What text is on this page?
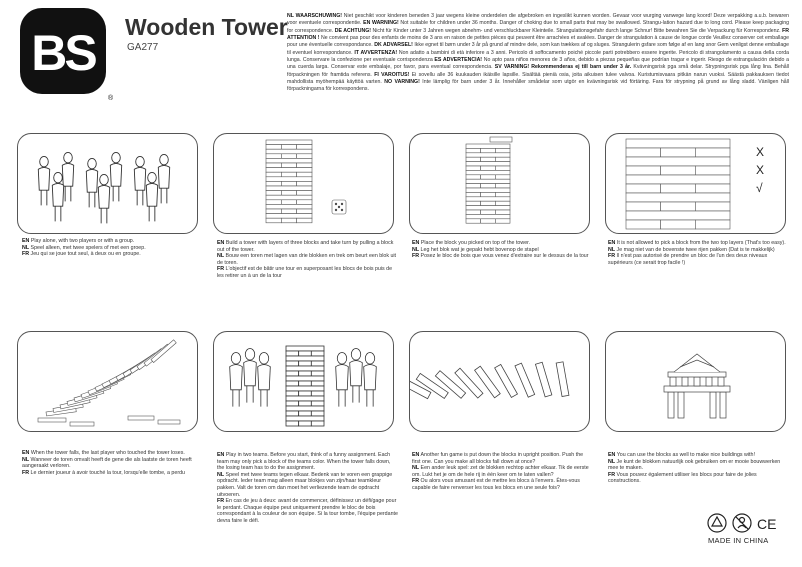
BS
®
Wooden Tower
GA277
NL WAARSCHUWING! Niet geschikt voor kinderen beneden 3 jaar wegens kleine onderdelen die afgebroken en ingeslikt kunnen worden. Gevaar voor wurging vanwege lang koord! Deze verpakking a.u.b. bewaren voor eventuele correspondentie. EN WARNING! Not suitable for children under 36 months. Danger of choking due to small parts that may be swallowed. Strangu-lation hazard due to long cord. Please keep packaging for correspondence. DE ACHTUNG! Nicht für Kinder unter 3 Jahren wegen abnehm- und verschluckbarer Kleinteile. Strangulationsgefahr durch lange Schnur! Bitte bewahren Sie die Verpackung für Korrespondenz. FR ATTENTION ! Ne convient pas pour des enfants de moins de 3 ans en raison de petites pièces qui peuvent être arrachées et avalées. Danger de strangulation à cause de longue corde Veuillez conserver cet emballage pour une éventuelle correspondance. DK ADVARSEL! Ikke egnet til børn under 3 år på grund af mindre dele, som kan trækkes af og sluges. Strangulerin gsfare som følge af en lang snor Gem venligst denne emballage til eventuel korrespondance. IT AVVERTENZA! Non adatto a bambini di età inferiore a 3 anni. Pericolo di soffocamento poiché piccole parti potrebbero essere ingerite. Pericolo di strangolamento a causa della corda lunga. Conservare la confezione per eventuale corrispondenza ES ADVERTENCIA! No apto para niños menores de 3 años, debido a piezas pequeñas que podrían tragar e ingerir. Riesgo de estrangulación debido a una cuerda larga. Conservar este embalaje, por favor, para eventual correspondencia. SV VARNING! Rekommenderas ej till barn under 3 år. Kvävningsrisk pga små delar. Strypningsrisk pga lång lina. Behåll förpackningen för framtida referens. FI VAROITUS! Ei sovellu alle 36 kuukauden ikäisille lapsille. Sisältää pieniä osia, joita aikuisen tulee valvoa. Kuristumisvaara pitkän narun vuoksi. Säästä pakkauksen tiedot mahdollista myöhempää käyttöä varten. NO VARNING! Inte lämplig för barn under 3 år. Innehåller smådelar som utgör en kvävningsrisk vid förtäring. Fara för strypning på grund av lång sladd. Vänligen håll förpackningarna för korrespondens.
X
X
√
EN Play alone, with two players or with a group.
NL Speel alleen, met twee spelers of met een groep.
FR Jeu qui se joue tout seul, à deux ou en groupe.
EN Build a tower with layers of three blocks and take turn by pulling a block out of the tower.
NL Bouw een toren met lagen van drie blokken en trek om beurt een blok uit de toren.
FR L'objectif est de bâtir une tour en superposant les blocs de bois puis de les retirer un à un de la tour
EN Place the block you picked on top of the tower.
NL Leg het blok wat je gepakt hebt bovenop de stapel
FR Posez le bloc de bois que vous venez d'extraire sur le dessus de la tour
EN It is not allowed to pick a block from the two top layers (That's too easy).
NL Je mag niet van de bovenste twee rijen pakken (Dat is te makkelijk)
FR Il n'est pas autorisé de prendre un bloc de l'un des deux niveaux supérieurs (ce serait trop facile !)
EN When the tower falls, the last player who touched the tower loses.
NL Wanneer de toren omvalt heeft de gene die als laatste de toren heeft aangeraakt verloren.
FR Le dernier joueur à avoir touché la tour, lorsqu'elle tombe, a perdu
EN Play in two teams. Before you start, think of a funny assignment. Each team may only pick a block of the teams color. When the tower falls down, the losing team has to do the assignment.
NL Speel met twee teams tegen elkaar. Bedenk van te voren een grappige opdracht. Ieder team mag alleen maar blokjes van zijn/haar teamkleur pakken. Valt de toren om dan moet het verliezende team de opdracht uitvoeren.
FR En cas de jeu à deux: avant de commencer, définissez un défi/gage pour le perdant. Chaque équipe peut uniquement prendre le bloc de bois correspondant à la couleur de son équipe. Si la tour tombe, l'équipe perdante devra faire le défi.
EN Another fun game is put down the blocks in upright position. Push the first one. Can you make all blocks fall down at once?
NL Een ander leuk spel: zet de blokken rechtop achter elkaar. Tik de eerste om. Lukt het je om de hele rij in één keer om te laten vallen?
FR Ou alors vous amusant est de mettre les blocs à l'envers. Êtes-vous capable de faire renverser les tous les blocs en une seule fois?
EN You can use the blocks as well to make nice buildings with!
NL Je kunt de blokken natuurlijk ook gebruiken om er mooie bouwwerken mee te maken.
FR Vous pouvez également utiliser les blocs pour faire de jolies constructions.
CE
MADE IN CHINA
